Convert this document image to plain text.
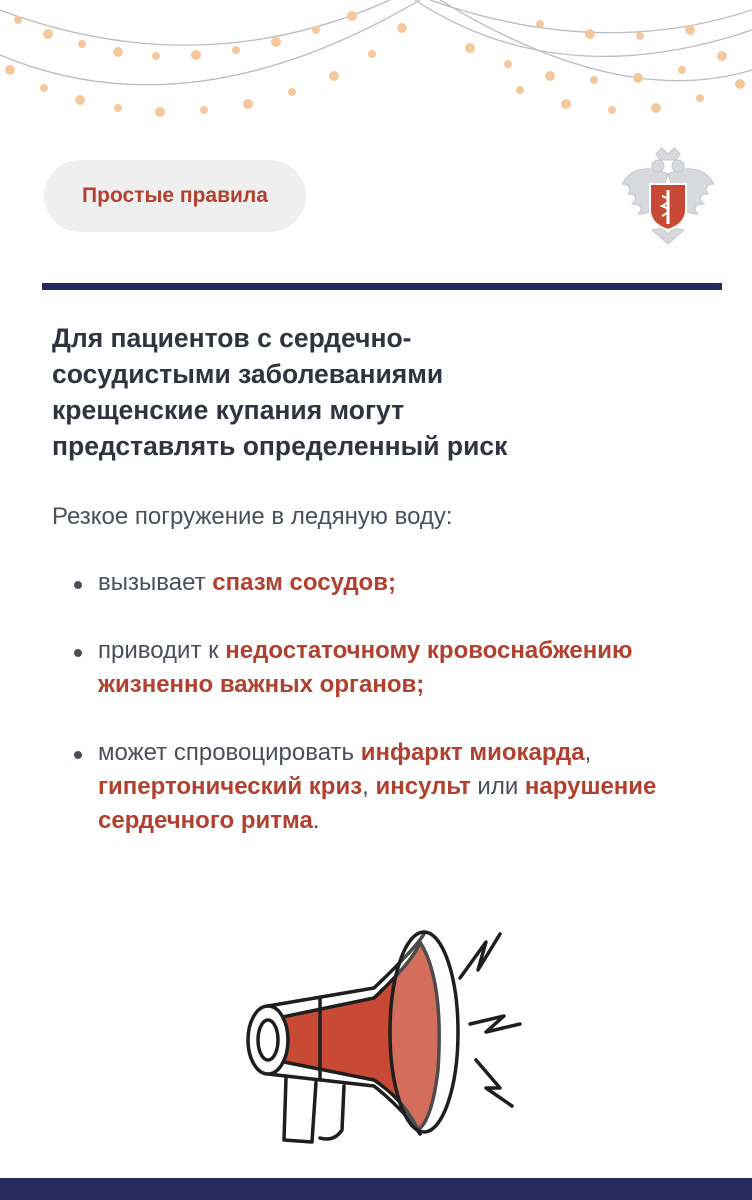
Простые правила
Для пациентов с сердечно-
сосудистыми заболеваниями
крещенские купания могут
представлять определенный риск

Резкое погружение в ледяную воду:

вызывает спазм сосудов;
приводит к недостаточному кровоснабжению жизненно важных органов;
может спровоцировать инфаркт миокарда, гипертонический криз, инсульт или нарушение сердечного ритма.
